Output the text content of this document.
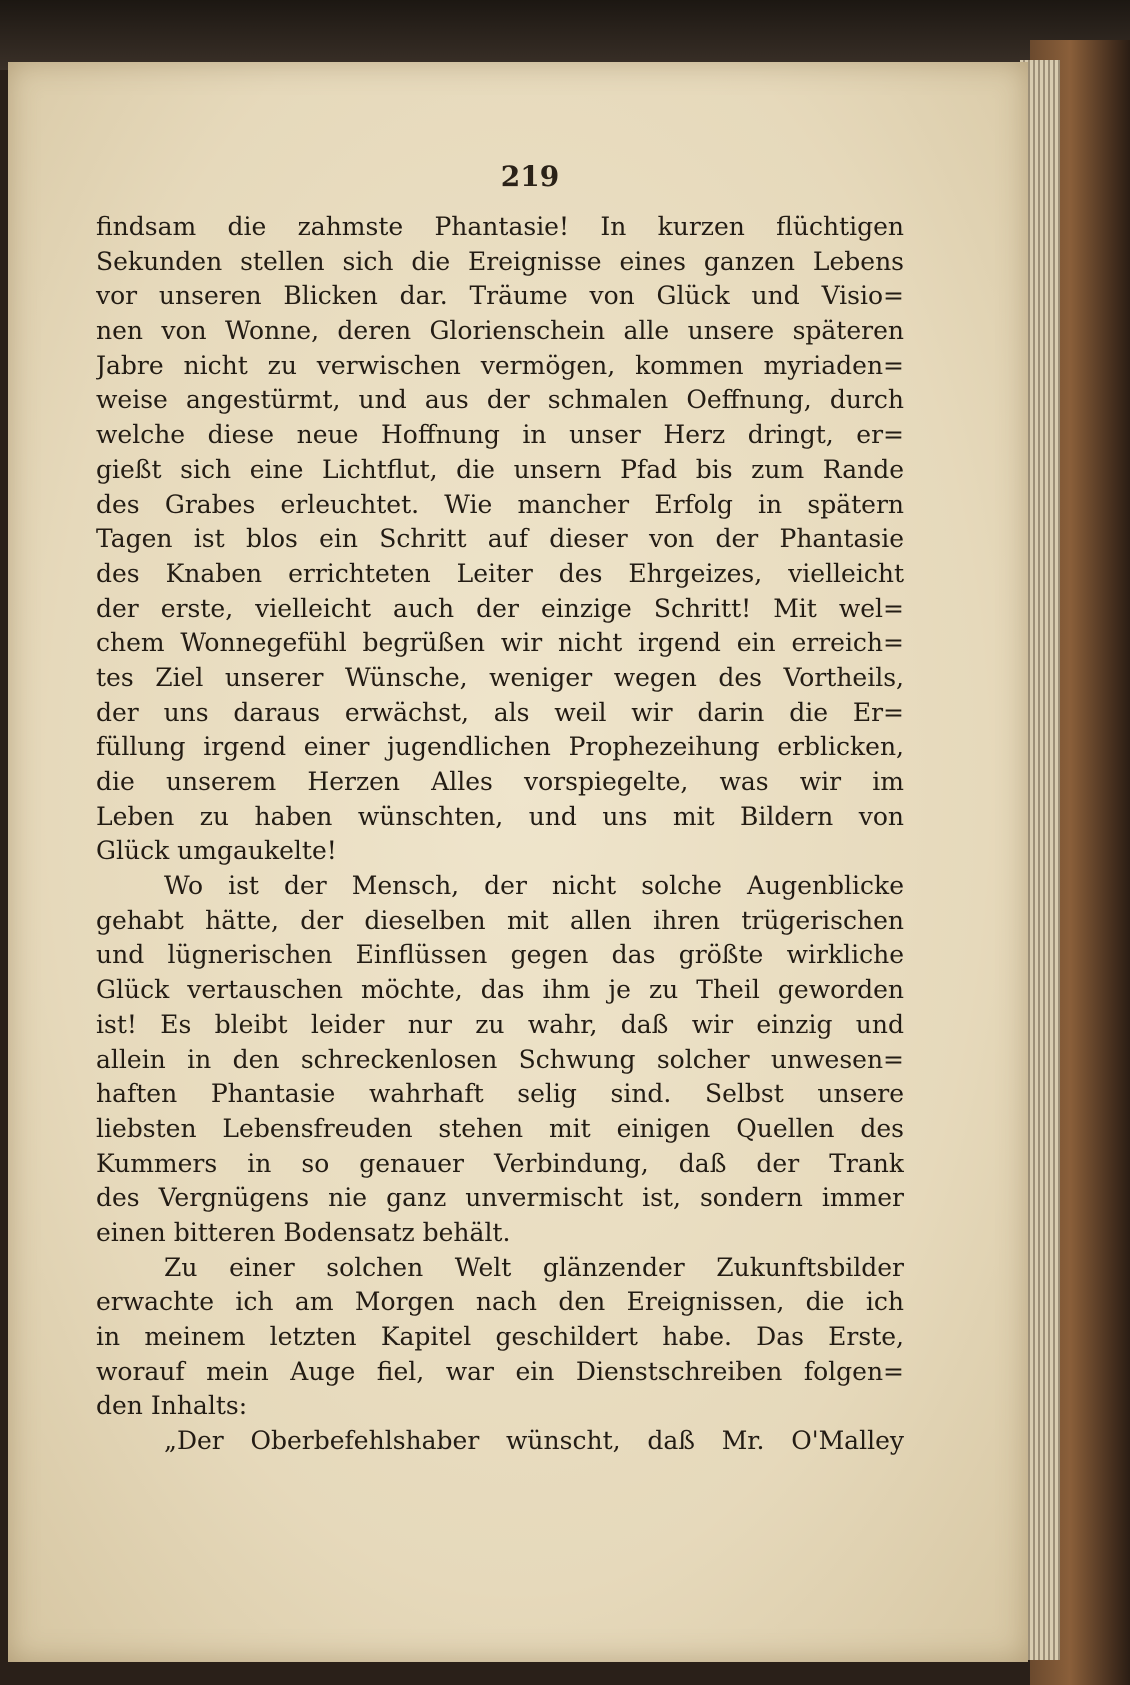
219
findsam die zahmste Phantasie! In kurzen flüchtigen
Sekunden stellen sich die Ereignisse eines ganzen Lebens
vor unseren Blicken dar. Träume von Glück und Visio=
nen von Wonne, deren Glorienschein alle unsere späteren
Jabre nicht zu verwischen vermögen, kommen myriaden=
weise angestürmt, und aus der schmalen Oeffnung, durch
welche diese neue Hoffnung in unser Herz dringt, er=
gießt sich eine Lichtflut, die unsern Pfad bis zum Rande
des Grabes erleuchtet. Wie mancher Erfolg in spätern
Tagen ist blos ein Schritt auf dieser von der Phantasie
des Knaben errichteten Leiter des Ehrgeizes, vielleicht
der erste, vielleicht auch der einzige Schritt! Mit wel=
chem Wonnegefühl begrüßen wir nicht irgend ein erreich=
tes Ziel unserer Wünsche, weniger wegen des Vortheils,
der uns daraus erwächst, als weil wir darin die Er=
füllung irgend einer jugendlichen Prophezeihung erblicken,
die unserem Herzen Alles vorspiegelte, was wir im
Leben zu haben wünschten, und uns mit Bildern von
Glück umgaukelte!
Wo ist der Mensch, der nicht solche Augenblicke
gehabt hätte, der dieselben mit allen ihren trügerischen
und lügnerischen Einflüssen gegen das größte wirkliche
Glück vertauschen möchte, das ihm je zu Theil geworden
ist! Es bleibt leider nur zu wahr, daß wir einzig und
allein in den schreckenlosen Schwung solcher unwesen=
haften Phantasie wahrhaft selig sind. Selbst unsere
liebsten Lebensfreuden stehen mit einigen Quellen des
Kummers in so genauer Verbindung, daß der Trank
des Vergnügens nie ganz unvermischt ist, sondern immer
einen bitteren Bodensatz behält.
Zu einer solchen Welt glänzender Zukunftsbilder
erwachte ich am Morgen nach den Ereignissen, die ich
in meinem letzten Kapitel geschildert habe. Das Erste,
worauf mein Auge fiel, war ein Dienstschreiben folgen=
den Inhalts:
„Der Oberbefehlshaber wünscht, daß Mr. O'Malley
